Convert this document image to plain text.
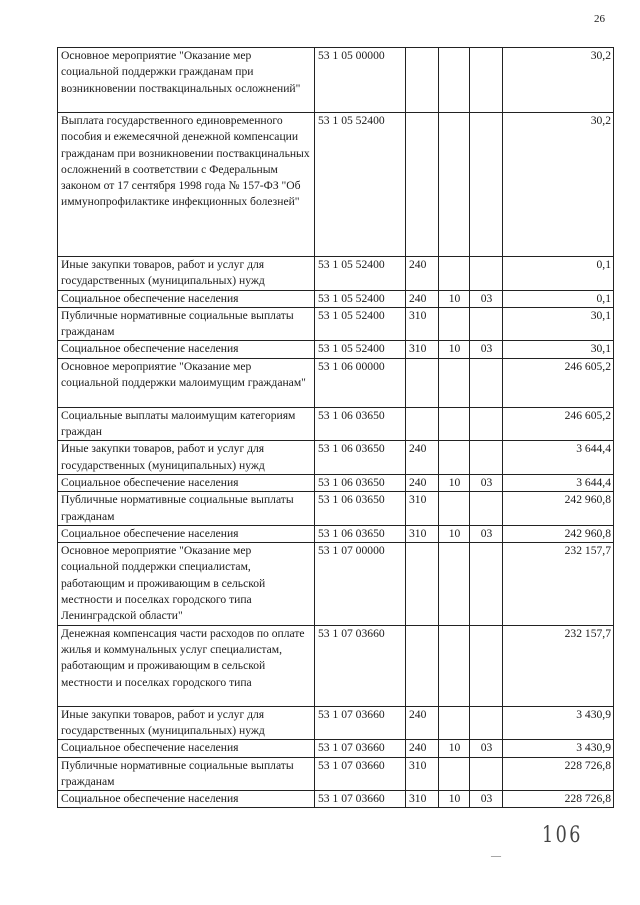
26
Основное мероприятие "Оказание мер социальной поддержки гражданам при возникновении поствакцинальных осложнений"	53 1 05 00000				30,2
Выплата государственного единовременного пособия и ежемесячной денежной компенсации гражданам при возникновении поствакцинальных осложнений в соответствии с Федеральным законом от 17 сентября 1998 года № 157-ФЗ "Об иммунопрофилактике инфекционных болезней"	53 1 05 52400				30,2
Иные закупки товаров, работ и услуг для государственных (муниципальных) нужд	53 1 05 52400	240			0,1
Социальное обеспечение населения	53 1 05 52400	240	10	03	0,1
Публичные нормативные социальные выплаты гражданам	53 1 05 52400	310			30,1
Социальное обеспечение населения	53 1 05 52400	310	10	03	30,1
Основное мероприятие "Оказание мер социальной поддержки малоимущим гражданам"	53 1 06 00000				246 605,2
Социальные выплаты малоимущим категориям граждан	53 1 06 03650				246 605,2
Иные закупки товаров, работ и услуг для государственных (муниципальных) нужд	53 1 06 03650	240			3 644,4
Социальное обеспечение населения	53 1 06 03650	240	10	03	3 644,4
Публичные нормативные социальные выплаты гражданам	53 1 06 03650	310			242 960,8
Социальное обеспечение населения	53 1 06 03650	310	10	03	242 960,8
Основное мероприятие "Оказание мер социальной поддержки специалистам, работающим и проживающим в сельской местности и поселках городского типа Ленинградской области"	53 1 07 00000				232 157,7
Денежная компенсация части расходов по оплате жилья и коммунальных услуг специалистам, работающим и проживающим в сельской местности и поселках городского типа	53 1 07 03660				232 157,7
Иные закупки товаров, работ и услуг для государственных (муниципальных) нужд	53 1 07 03660	240			3 430,9
Социальное обеспечение населения	53 1 07 03660	240	10	03	3 430,9
Публичные нормативные социальные выплаты гражданам	53 1 07 03660	310			228 726,8
Социальное обеспечение населения	53 1 07 03660	310	10	03	228 726,8
—
106
